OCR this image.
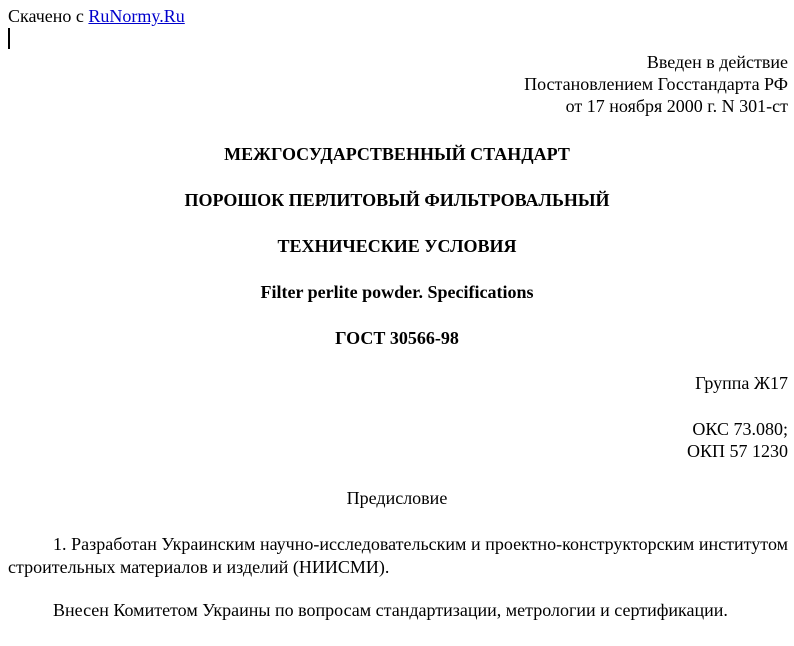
Скачено с RuNormy.Ru
Введен в действие
Постановлением Госстандарта РФ
от 17 ноября 2000 г. N 301-ст
МЕЖГОСУДАРСТВЕННЫЙ СТАНДАРТ
ПОРОШОК ПЕРЛИТОВЫЙ ФИЛЬТРОВАЛЬНЫЙ
ТЕХНИЧЕСКИЕ УСЛОВИЯ
Filter perlite powder. Specifications
ГОСТ 30566-98
Группа Ж17
ОКС 73.080;
ОКП 57 1230
Предисловие
1. Разработан Украинским научно-исследовательским и проектно-конструкторским институтом строительных материалов и изделий (НИИСМИ).
Внесен Комитетом Украины по вопросам стандартизации, метрологии и сертификации.
